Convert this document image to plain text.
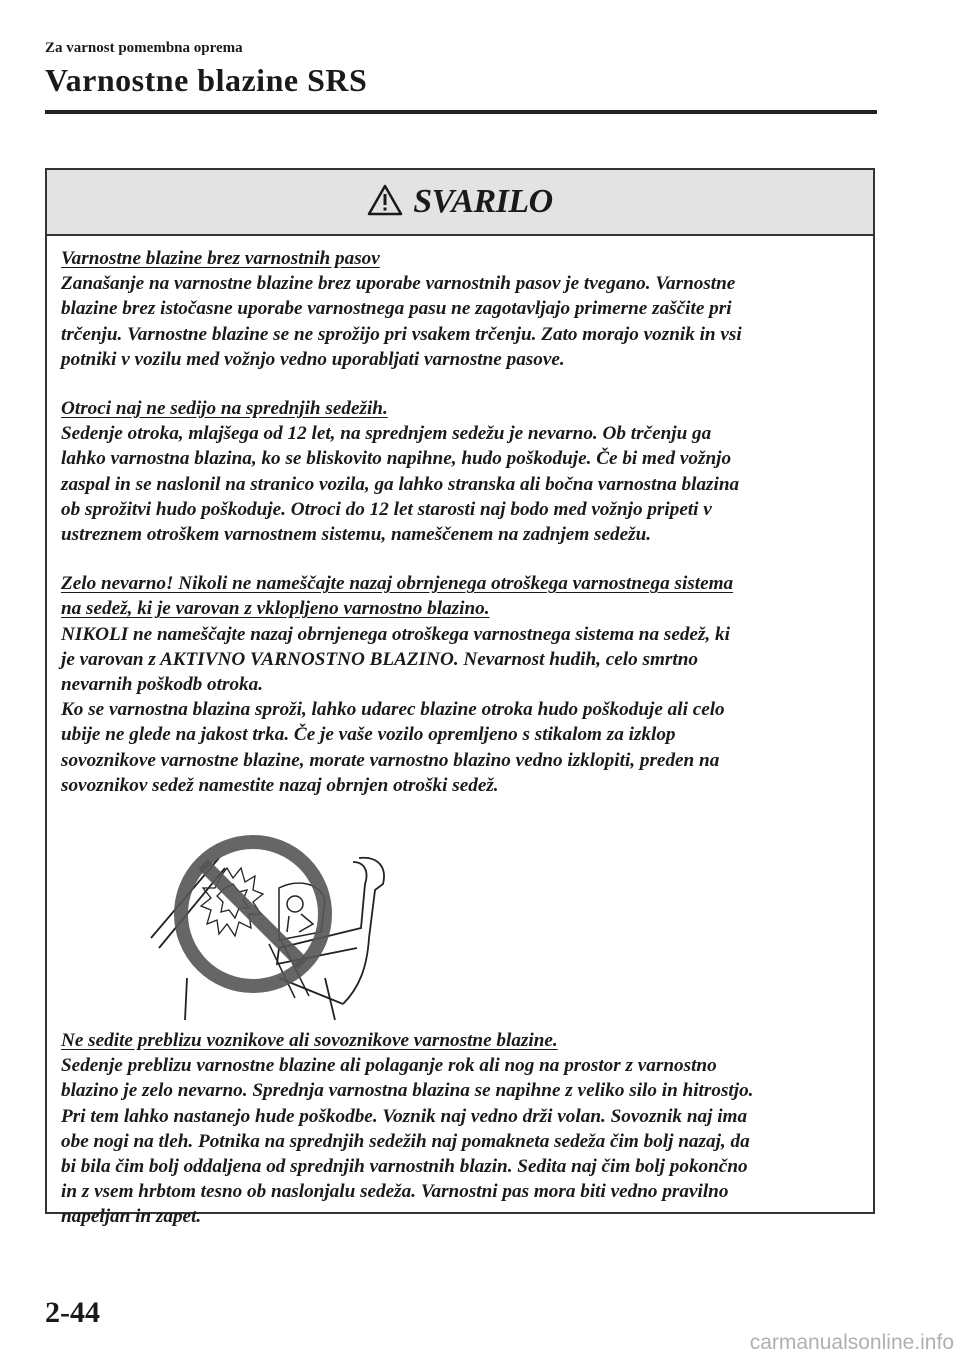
Za varnost pomembna oprema
Varnostne blazine SRS
SVARILO
Varnostne blazine brez varnostnih pasov
Zanašanje na varnostne blazine brez uporabe varnostnih pasov je tvegano. Varnostne
blazine brez istočasne uporabe varnostnega pasu ne zagotavljajo primerne zaščite pri
trčenju. Varnostne blazine se ne sprožijo pri vsakem trčenju. Zato morajo voznik in vsi
potniki v vozilu med vožnjo vedno uporabljati varnostne pasove.
Otroci naj ne sedijo na sprednjih sedežih.
Sedenje otroka, mlajšega od 12 let, na sprednjem sedežu je nevarno. Ob trčenju ga
lahko varnostna blazina, ko se bliskovito napihne, hudo poškoduje. Če bi med vožnjo
zaspal in se naslonil na stranico vozila, ga lahko stranska ali bočna varnostna blazina
ob sprožitvi hudo poškoduje. Otroci do 12 let starosti naj bodo med vožnjo pripeti v
ustreznem otroškem varnostnem sistemu, nameščenem na zadnjem sedežu.
Zelo nevarno! Nikoli ne nameščajte nazaj obrnjenega otroškega varnostnega sistema
na sedež, ki je varovan z vklopljeno varnostno blazino.
NIKOLI ne nameščajte nazaj obrnjenega otroškega varnostnega sistema na sedež, ki
je varovan z AKTIVNO VARNOSTNO BLAZINO. Nevarnost hudih, celo smrtno
nevarnih poškodb otroka.
Ko se varnostna blazina sproži, lahko udarec blazine otroka hudo poškoduje ali celo
ubije ne glede na jakost trka. Če je vaše vozilo opremljeno s stikalom za izklop
sovoznikove varnostne blazine, morate varnostno blazino vedno izklopiti, preden na
sovoznikov sedež namestite nazaj obrnjen otroški sedež.
Ne sedite preblizu voznikove ali sovoznikove varnostne blazine.
Sedenje preblizu varnostne blazine ali polaganje rok ali nog na prostor z varnostno
blazino je zelo nevarno. Sprednja varnostna blazina se napihne z veliko silo in hitrostjo.
Pri tem lahko nastanejo hude poškodbe. Voznik naj vedno drži volan. Sovoznik naj ima
obe nogi na tleh. Potnika na sprednjih sedežih naj pomakneta sedeža čim bolj nazaj, da
bi bila čim bolj oddaljena od sprednjih varnostnih blazin. Sedita naj čim bolj pokončno
in z vsem hrbtom tesno ob naslonjalu sedeža. Varnostni pas mora biti vedno pravilno
napeljan in zapet.
2-44
carmanualsonline.info
